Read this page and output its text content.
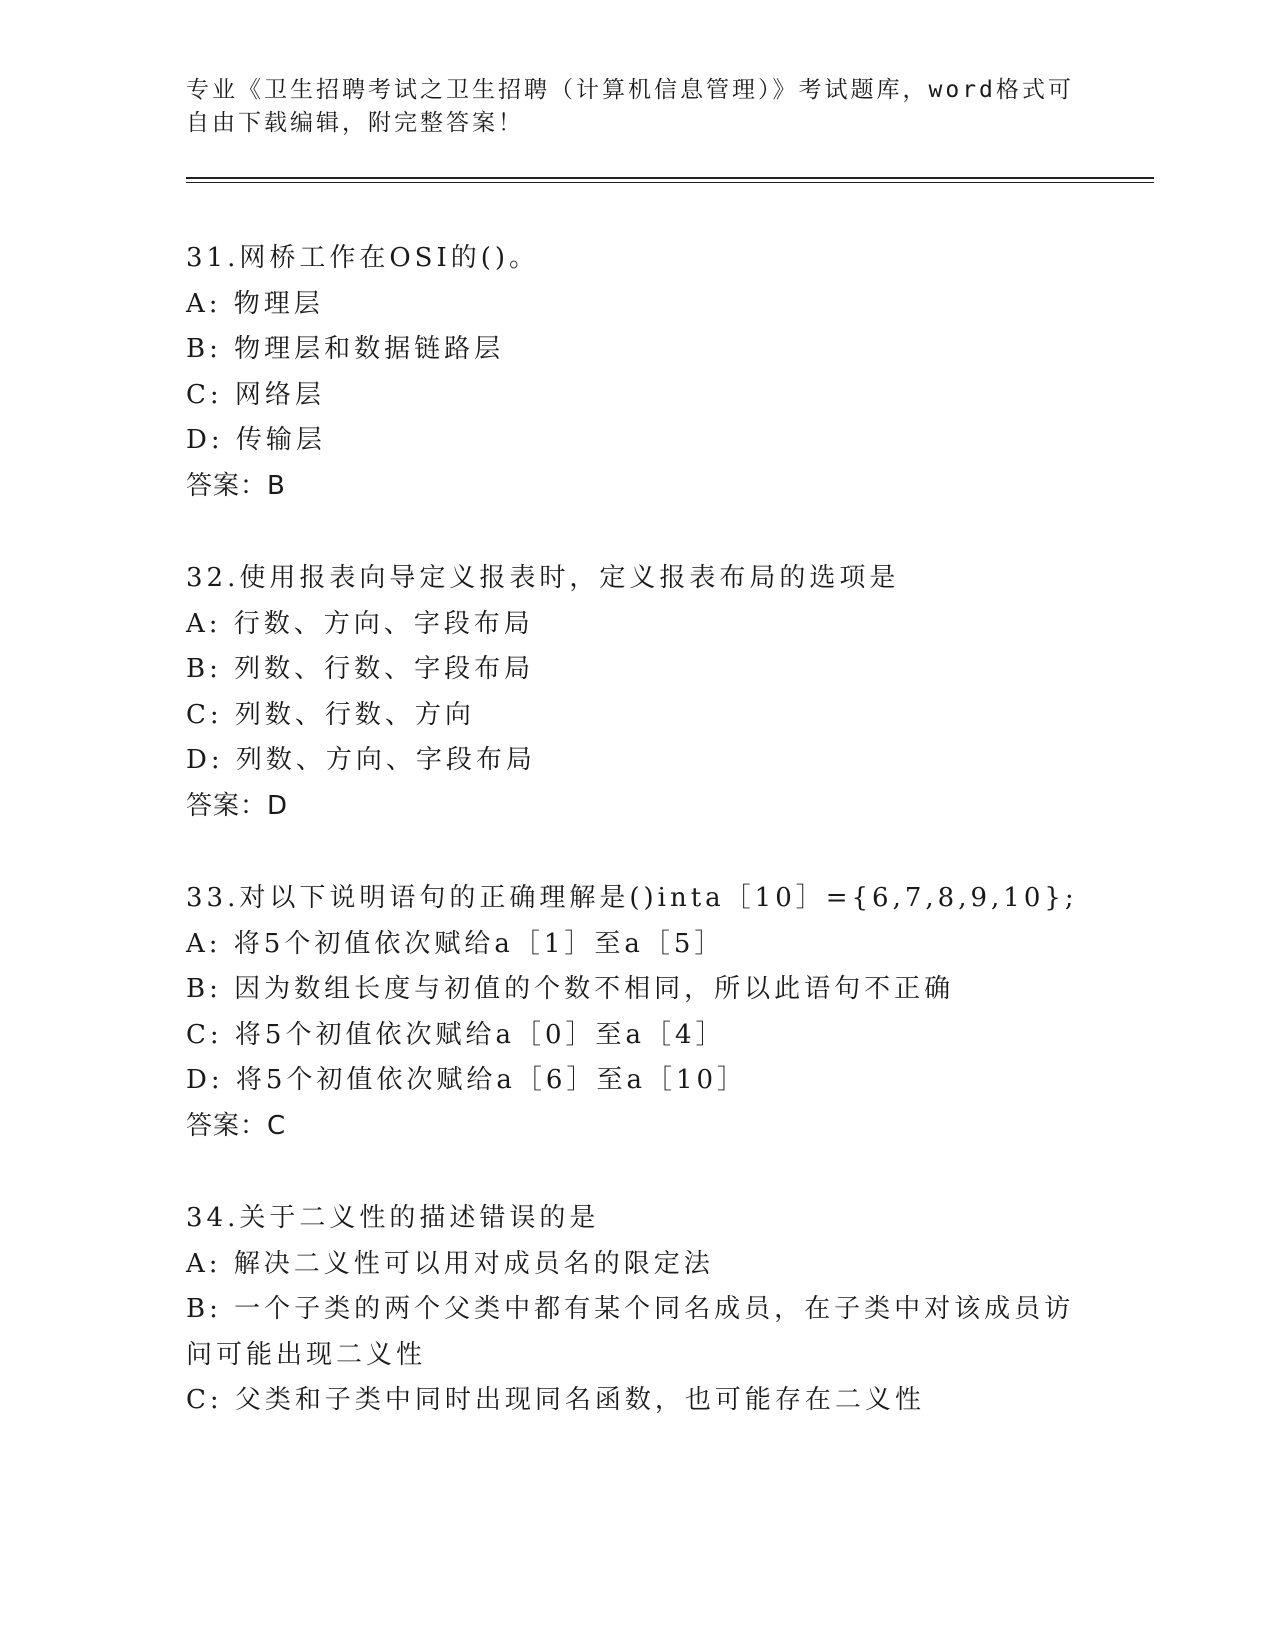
专业《卫生招聘考试之卫生招聘（计算机信息管理）》考试题库，word格式可自由下载编辑，附完整答案！
31.网桥工作在OSI的()。
A: 物理层
B: 物理层和数据链路层
C: 网络层
D: 传输层
答案：B
32.使用报表向导定义报表时，定义报表布局的选项是
A: 行数、方向、字段布局
B: 列数、行数、字段布局
C: 列数、行数、方向
D: 列数、方向、字段布局
答案：D
33.对以下说明语句的正确理解是()inta［10］={6,7,8,9,10};
A: 将5个初值依次赋给a［1］至a［5］
B: 因为数组长度与初值的个数不相同，所以此语句不正确
C: 将5个初值依次赋给a［0］至a［4］
D: 将5个初值依次赋给a［6］至a［10］
答案：C
34.关于二义性的描述错误的是
A: 解决二义性可以用对成员名的限定法
B: 一个子类的两个父类中都有某个同名成员，在子类中对该成员访问可能出现二义性
C: 父类和子类中同时出现同名函数，也可能存在二义性
